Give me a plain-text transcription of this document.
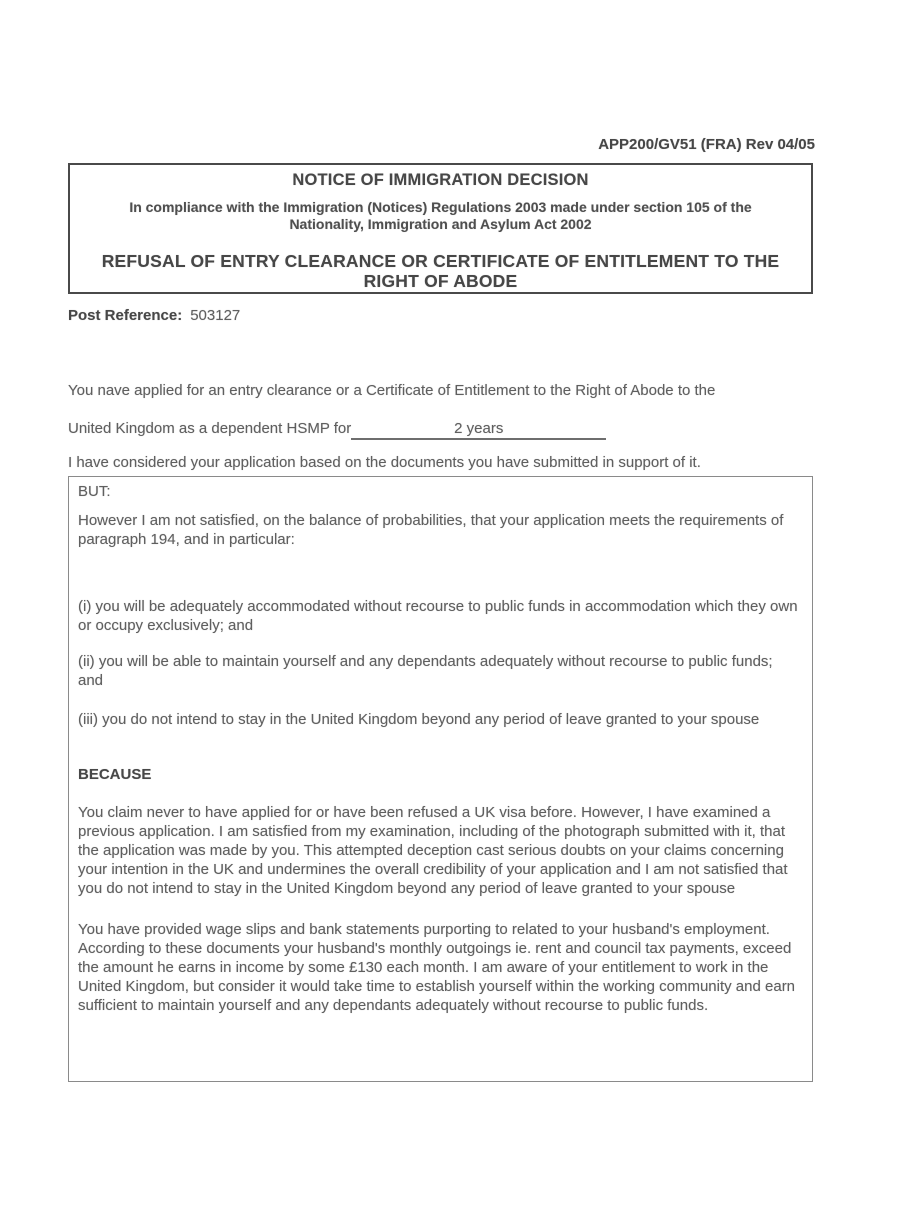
APP200/GV51 (FRA) Rev 04/05
NOTICE OF IMMIGRATION DECISION
In compliance with the Immigration (Notices) Regulations 2003 made under section 105 of the
Nationality, Immigration and Asylum Act 2002
REFUSAL OF ENTRY CLEARANCE OR CERTIFICATE OF ENTITLEMENT TO THE
RIGHT OF ABODE
Post Reference: 503127
You nave applied for an entry clearance or a Certificate of Entitlement to the Right of Abode to the
United Kingdom as a dependent HSMP for	2 years
I have considered your application based on the documents you have submitted in support of it.
BUT:
However I am not satisfied, on the balance of probabilities, that your application meets the requirements of paragraph 194, and in particular:
(i) you will be adequately accommodated without recourse to public funds in accommodation which they own or occupy exclusively; and
(ii) you will be able to maintain yourself and any dependants adequately without recourse to public funds; and
(iii) you do not intend to stay in the United Kingdom beyond any period of leave granted to your spouse
BECAUSE
You claim never to have applied for or have been refused a UK visa before. However, I have examined a previous application. I am satisfied from my examination, including of the photograph submitted with it, that the application was made by you. This attempted deception cast serious doubts on your claims concerning your intention in the UK and undermines the overall credibility of your application and I am not satisfied that you do not intend to stay in the United Kingdom beyond any period of leave granted to your spouse
You have provided wage slips and bank statements purporting to related to your husband's employment. According to these documents your husband's monthly outgoings ie. rent and council tax payments, exceed the amount he earns in income by some £130 each month. I am aware of your entitlement to work in the United Kingdom, but consider it would take time to establish yourself within the working community and earn sufficient to maintain yourself and any dependants adequately without recourse to public funds.
